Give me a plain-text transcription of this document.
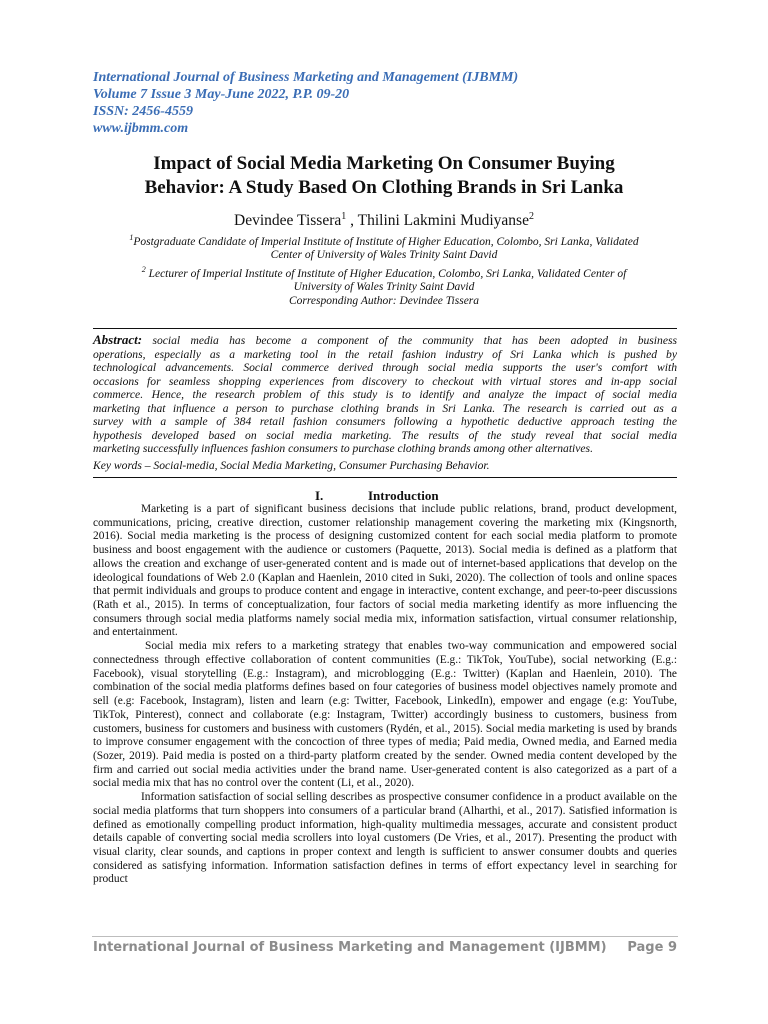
International Journal of Business Marketing and Management (IJBMM)
Volume 7 Issue 3 May-June 2022, P.P. 09-20
ISSN: 2456-4559
www.ijbmm.com
Impact of Social Media Marketing On Consumer Buying
Behavior: A Study Based On Clothing Brands in Sri Lanka
Devindee Tissera$^1$ , Thilini Lakmini Mudiyanse$^2$
$^1$Postgraduate Candidate of Imperial Institute of Institute of Higher Education, Colombo, Sri Lanka, Validated
Center of University of Wales Trinity Saint David
$^2$ Lecturer of Imperial Institute of Institute of Higher Education, Colombo, Sri Lanka, Validated Center of
University of Wales Trinity Saint David
Corresponding Author: Devindee Tissera
Abstract: social media has become a component of the community that has been adopted in business
operations, especially as a marketing tool in the retail fashion industry of Sri Lanka which is pushed by
technological advancements. Social commerce derived through social media supports the user's comfort with
occasions for seamless shopping experiences from discovery to checkout with virtual stores and in-app social
commerce. Hence, the research problem of this study is to identify and analyze the impact of social media
marketing that influence a person to purchase clothing brands in Sri Lanka. The research is carried out as a
survey with a sample of 384 retail fashion consumers following a hypothetic deductive approach testing the
hypothesis developed based on social media marketing. The results of the study reveal that social media
marketing successfully influences fashion consumers to purchase clothing brands among other alternatives.
Key words – Social-media, Social Media Marketing, Consumer Purchasing Behavior.
I.	Introduction

Marketing is a part of significant business decisions that include public relations, brand, product development, communications, pricing, creative direction, customer relationship management covering the marketing mix (Kingsnorth, 2016). Social media marketing is the process of designing customized content for each social media platform to promote business and boost engagement with the audience or customers (Paquette, 2013). Social media is defined as a platform that allows the creation and exchange of user-generated content and is made out of internet-based applications that develop on the ideological foundations of Web 2.0 (Kaplan and Haenlein, 2010 cited in Suki, 2020). The collection of tools and online spaces that permit individuals and groups to produce content and engage in interactive, content exchange, and peer-to-peer discussions (Rath et al., 2015). In terms of conceptualization, four factors of social media marketing identify as more influencing the consumers through social media platforms namely social media mix, information satisfaction, virtual consumer relationship, and entertainment.

Social media mix refers to a marketing strategy that enables two-way communication and empowered social connectedness through effective collaboration of content communities (E.g.: TikTok, YouTube), social networking (E.g.: Facebook), visual storytelling (E.g.: Instagram), and microblogging (E.g.: Twitter) (Kaplan and Haenlein, 2010). The combination of the social media platforms defines based on four categories of business model objectives namely promote and sell (e.g: Facebook, Instagram), listen and learn (e.g: Twitter, Facebook, LinkedIn), empower and engage (e.g: YouTube, TikTok, Pinterest), connect and collaborate (e.g: Instagram, Twitter) accordingly business to customers, business from customers, business for customers and business with customers (Rydén, et al., 2015). Social media marketing is used by brands to improve consumer engagement with the concoction of three types of media; Paid media, Owned media, and Earned media (Sozer, 2019). Paid media is posted on a third-party platform created by the sender. Owned media content developed by the firm and carried out social media activities under the brand name. User-generated content is also categorized as a part of a social media mix that has no control over the content (Li, et al., 2020).

Information satisfaction of social selling describes as prospective consumer confidence in a product available on the social media platforms that turn shoppers into consumers of a particular brand (Alharthi, et al., 2017). Satisfied information is defined as emotionally compelling product information, high-quality multimedia messages, accurate and consistent product details capable of converting social media scrollers into loyal customers (De Vries, et al., 2017). Presenting the product with visual clarity, clear sounds, and captions in proper context and length is sufficient to answer consumer doubts and queries considered as satisfying information. Information satisfaction defines in terms of effort expectancy level in searching for product

International Journal of Business Marketing and Management (IJBMM) Page 9
